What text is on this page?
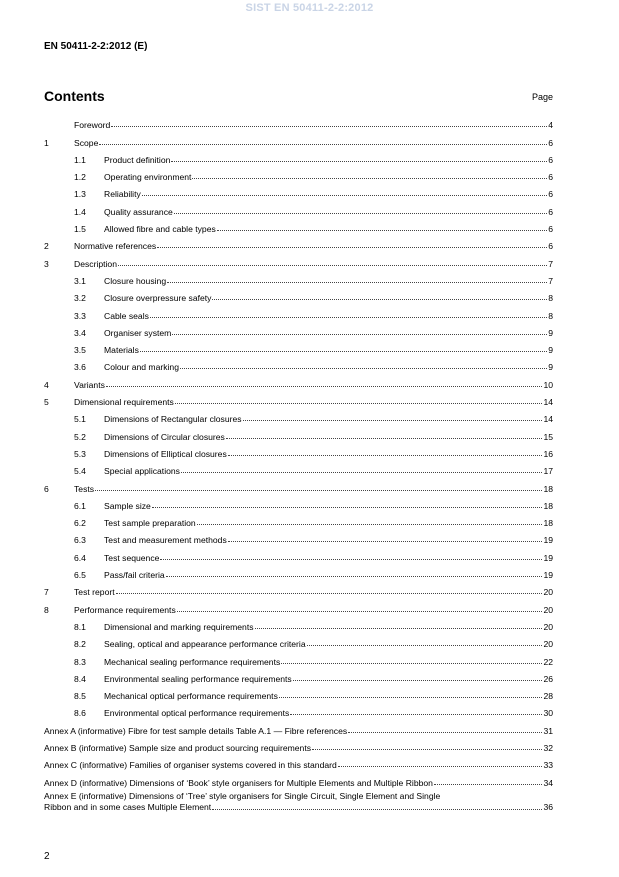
SIST EN 50411-2-2:2012
EN 50411-2-2:2012 (E)
Contents	Page
Foreword	4
1	Scope	6
1.1	Product definition	6
1.2	Operating environment	6
1.3	Reliability	6
1.4	Quality assurance	6
1.5	Allowed fibre and cable types	6
2	Normative references	6
3	Description	7
3.1	Closure housing	7
3.2	Closure overpressure safety	8
3.3	Cable seals	8
3.4	Organiser system	9
3.5	Materials	9
3.6	Colour and marking	9
4	Variants	10
5	Dimensional requirements	14
5.1	Dimensions of Rectangular closures	14
5.2	Dimensions of Circular closures	15
5.3	Dimensions of Elliptical closures	16
5.4	Special applications	17
6	Tests	18
6.1	Sample size	18
6.2	Test sample preparation	18
6.3	Test and measurement methods	19
6.4	Test sequence	19
6.5	Pass/fail criteria	19
7	Test report	20
8	Performance requirements	20
8.1	Dimensional and marking requirements	20
8.2	Sealing, optical and appearance performance criteria	20
8.3	Mechanical sealing performance requirements	22
8.4	Environmental sealing performance requirements	26
8.5	Mechanical optical performance requirements	28
8.6	Environmental optical performance requirements	30
Annex A (informative) Fibre for test sample details Table A.1 — Fibre references	31
Annex B (informative) Sample size and product sourcing requirements	32
Annex C (informative) Families of organiser systems covered in this standard	33
Annex D (informative) Dimensions of ‘Book’ style organisers for Multiple Elements and Multiple Ribbon	34
Annex E (informative) Dimensions of ‘Tree’ style organisers for Single Circuit, Single Element and Single
Ribbon and in some cases Multiple Element	36
2
